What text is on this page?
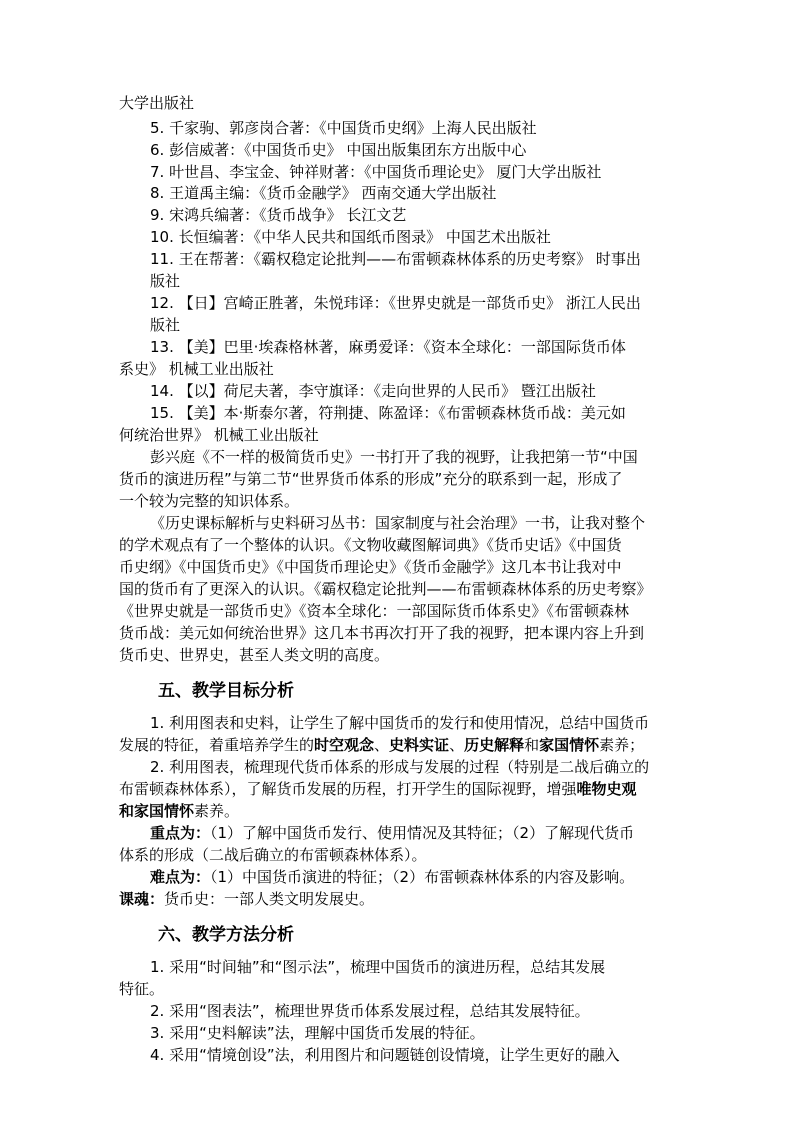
大学出版社
5. 千家驹、郭彦岗合著：《中国货币史纲》上海人民出版社
6. 彭信威著：《中国货币史》 中国出版集团东方出版中心
7. 叶世昌、李宝金、钟祥财著：《中国货币理论史》 厦门大学出版社
8. 王道禹主编：《货币金融学》 西南交通大学出版社
9. 宋鸿兵编著：《货币战争》 长江文艺
10. 长恒编著：《中华人民共和国纸币图录》 中国艺术出版社
11. 王在帮著：《霸权稳定论批判——布雷顿森林体系的历史考察》 时事出
版社
12. 【日】宫崎正胜著，朱悦玮译：《世界史就是一部货币史》 浙江人民出
版社
13. 【美】巴里·埃森格林著，麻勇爱译：《资本全球化：一部国际货币体
系史》 机械工业出版社
14. 【以】荷尼夫著，李守旗译：《走向世界的人民币》 暨江出版社
15. 【美】本·斯泰尔著，符荆捷、陈盈译：《布雷顿森林货币战：美元如
何统治世界》 机械工业出版社
彭兴庭《不一样的极简货币史》一书打开了我的视野，让我把第一节“中国
货币的演进历程”与第二节“世界货币体系的形成”充分的联系到一起，形成了
一个较为完整的知识体系。
《历史课标解析与史料研习丛书：国家制度与社会治理》一书，让我对整个
的学术观点有了一个整体的认识。《文物收藏图解词典》《货币史话》《中国货
币史纲》《中国货币史》《中国货币理论史》《货币金融学》这几本书让我对中
国的货币有了更深入的认识。《霸权稳定论批判——布雷顿森林体系的历史考察》
《世界史就是一部货币史》《资本全球化：一部国际货币体系史》《布雷顿森林
货币战：美元如何统治世界》这几本书再次打开了我的视野，把本课内容上升到
货币史、世界史，甚至人类文明的高度。
五、教学目标分析
1. 利用图表和史料，让学生了解中国货币的发行和使用情况，总结中国货币
发展的特征，着重培养学生的时空观念、史料实证、历史解释和家国情怀素养；
2. 利用图表，梳理现代货币体系的形成与发展的过程（特别是二战后确立的
布雷顿森林体系），了解货币发展的历程，打开学生的国际视野，增强唯物史观
和家国情怀素养。
重点为：（1）了解中国货币发行、使用情况及其特征；（2）了解现代货币
体系的形成（二战后确立的布雷顿森林体系）。
难点为：（1）中国货币演进的特征；（2）布雷顿森林体系的内容及影响。
课魂：货币史：一部人类文明发展史。
六、教学方法分析
1. 采用“时间轴”和“图示法”，梳理中国货币的演进历程，总结其发展
特征。
2. 采用“图表法”，梳理世界货币体系发展过程，总结其发展特征。
3. 采用“史料解读”法，理解中国货币发展的特征。
4. 采用“情境创设”法，利用图片和问题链创设情境，让学生更好的融入
